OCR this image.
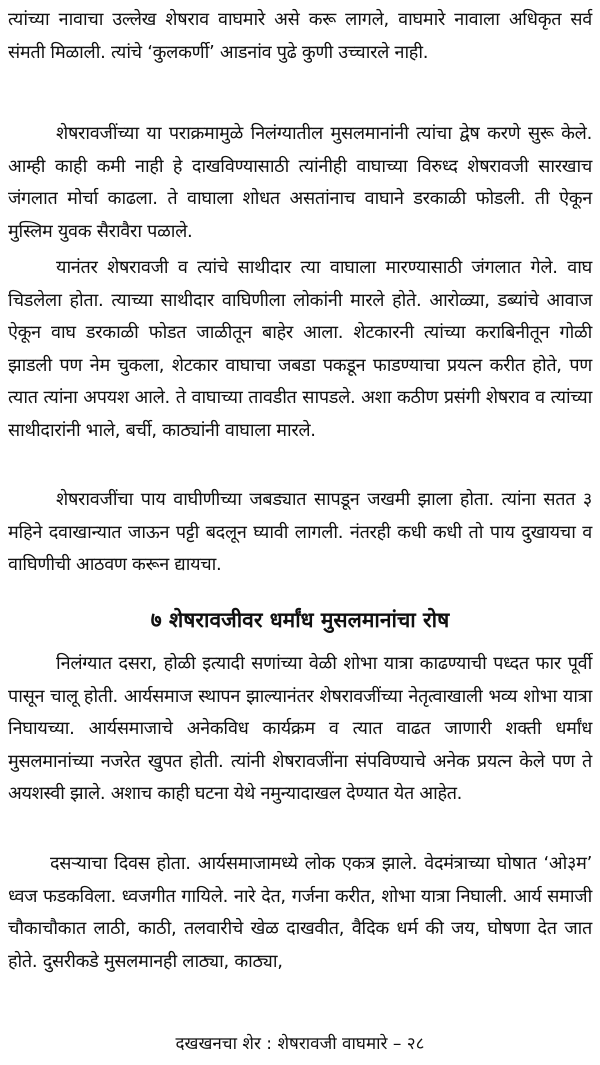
त्यांच्या नावाचा उल्लेख शेषराव वाघमारे असे करू लागले, वाघमारे नावाला अधिकृत सर्व संमती मिळाली. त्यांचे ‘कुलकर्णी’ आडनांव पुढे कुणी उच्चारले नाही.

शेषरावजींच्या या पराक्रमामुळे निलंग्यातील मुसलमानांनी त्यांचा द्वेष करणे सुरू केले. आम्ही काही कमी नाही हे दाखविण्यासाठी त्यांनीही वाघाच्या विरुध्द शेषरावजी सारखाच जंगलात मोर्चा काढला. ते वाघाला शोधत असतांनाच वाघाने डरकाळी फोडली. ती ऐकून मुस्लिम युवक सैरावैरा पळाले.

यानंतर शेषरावजी व त्यांचे साथीदार त्या वाघाला मारण्यासाठी जंगलात गेले. वाघ चिडलेला होता. त्याच्या साथीदार वाघिणीला लोकांनी मारले होते. आरोळ्या, डब्यांचे आवाज ऐकून वाघ डरकाळी फोडत जाळीतून बाहेर आला. शेटकारनी त्यांच्या कराबिनीतून गोळी झाडली पण नेम चुकला, शेटकार वाघाचा जबडा पकडून फाडण्याचा प्रयत्न करीत होते, पण त्यात त्यांना अपयश आले. ते वाघाच्या तावडीत सापडले. अशा कठीण प्रसंगी शेषराव व त्यांच्या साथीदारांनी भाले, बर्ची, काठ्यांनी वाघाला मारले.

शेषरावजींचा पाय वाघीणीच्या जबड्यात सापडून जखमी झाला होता. त्यांना सतत ३ महिने दवाखान्यात जाऊन पट्टी बदलून घ्यावी लागली. नंतरही कधी कधी तो पाय दुखायचा व वाघिणीची आठवण करून द्यायचा.

७ शेषरावजीवर धर्मांध मुसलमानांचा रोष

निलंग्यात दसरा, होळी इत्यादी सणांच्या वेळी शोभा यात्रा काढण्याची पध्दत फार पूर्वी पासून चालू होती. आर्यसमाज स्थापन झाल्यानंतर शेषरावजींच्या नेतृत्वाखाली भव्य शोभा यात्रा निघायच्या. आर्यसमाजाचे अनेकविध कार्यक्रम व त्यात वाढत जाणारी शक्ती धर्मांध मुसलमानांच्या नजरेत खुपत होती. त्यांनी शेषरावजींना संपविण्याचे अनेक प्रयत्न केले पण ते अयशस्वी झाले. अशाच काही घटना येथे नमुन्यादाखल देण्यात येत आहेत.

दसऱ्याचा दिवस होता. आर्यसमाजामध्ये लोक एकत्र झाले. वेदमंत्राच्या घोषात ‘ओ३म’ ध्वज फडकविला. ध्वजगीत गायिले. नारे देत, गर्जना करीत, शोभा यात्रा निघाली. आर्य समाजी चौकाचौकात लाठी, काठी, तलवारीचे खेळ दाखवीत, वैदिक धर्म की जय, घोषणा देत जात होते. दुसरीकडे मुसलमानही लाठ्या, काठ्या,

दखखनचा शेर : शेषरावजी वाघमारे – २८
